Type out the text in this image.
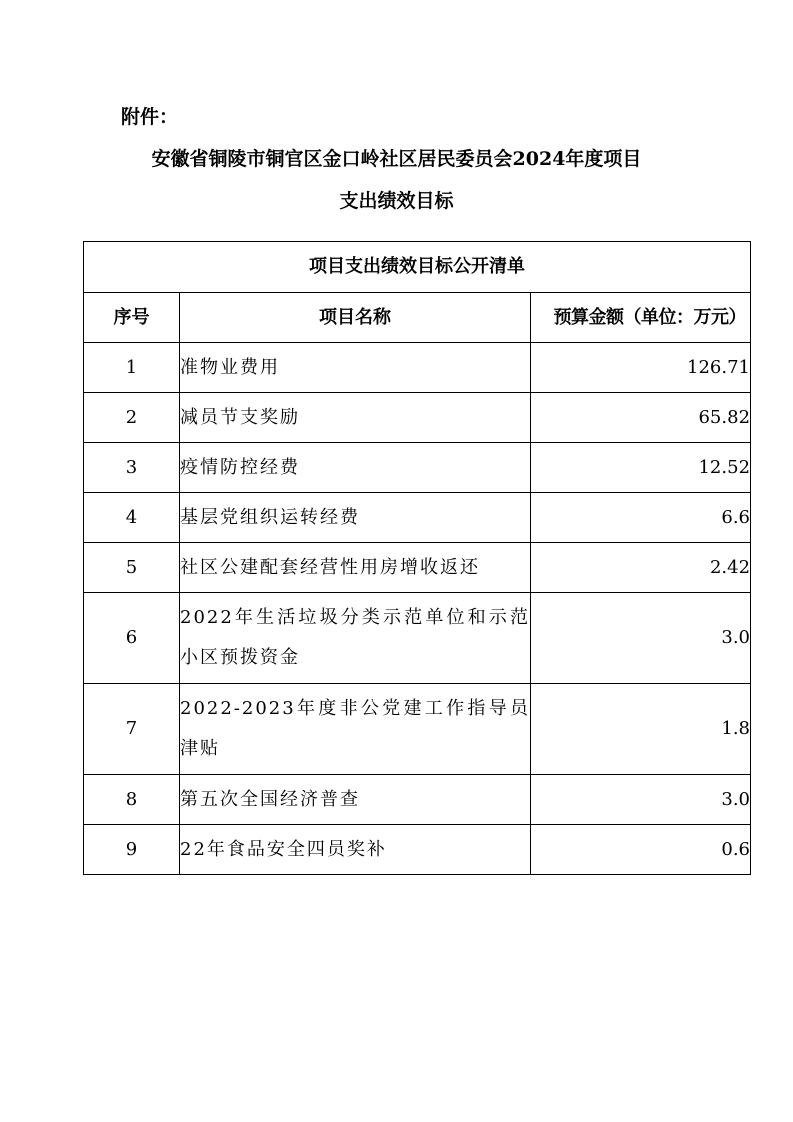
附件：

安徽省铜陵市铜官区金口岭社区居民委员会2024年度项目

支出绩效目标

项目支出绩效目标公开清单		
序号	项目名称	预算金额（单位：万元）
1	准物业费用	126.71
2	减员节支奖励	65.82
3	疫情防控经费	12.52
4	基层党组织运转经费	6.6
5	社区公建配套经营性用房增收返还	2.42
6	2022年生活垃圾分类示范单位和示范小区预拨资金	3.0
7	2022-2023年度非公党建工作指导员津贴	1.8
8	第五次全国经济普查	3.0
9	22年食品安全四员奖补	0.6
